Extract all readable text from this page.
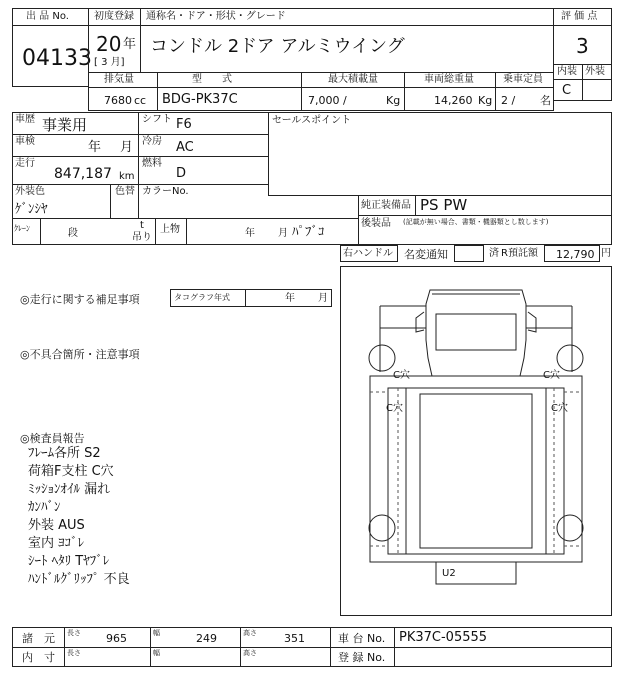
出 品 No.
04133
初度登録
20 年
[ 3 月]
通称名・ドア・形状・グレード
コンドル 2ドア アルミウイング
評 価 点
3
内装 外装
C
排気量
7680 cc
型　　式
BDG-PK37C
最大積載量
7,000 /	Kg
車両総重量
14,260 Kg
乗車定員
2 / 名
車歴 事業用	シフト F6
車検	年 月 冷房 AC
走行
847,187 km
燃料
D
セールスポイント
外装色
ｹﾞﾝｼﾔ
色替 カラーNo.
純正装備品 PS PW
後装品 (記載が無い場合、書類・機器類とし数します)
ｸﾚｰﾝ	段
t
吊り
上物	年 月 ﾊﾟﾌﾞｺ
右ハンドル 名変通知	済 R預託額 12,790 円
◎走行に関する補足事項	タコグラフ年式	年 月
◎不具合箇所・注意事項
◎検査員報告
ﾌﾚｰﾑ各所 S2
荷箱F支柱 C穴
ﾐｯｼｮﾝｵｲﾙ 漏れ
ｶﾝﾊﾞﾝ
外装 AUS
室内 ﾖｺﾞﾚ
ｼｰﾄ ﾍﾀﾘ Tﾔﾌﾞﾚ
ﾊﾝﾄﾞﾙｸﾞﾘｯﾌﾟ 不良
C穴	C穴
C穴	C穴
U2
諸　元 長さ 965	幅	249	高さ 351	車 台 No. PK37C-05555
内　寸 長さ	幅	高さ	登 録 No.
